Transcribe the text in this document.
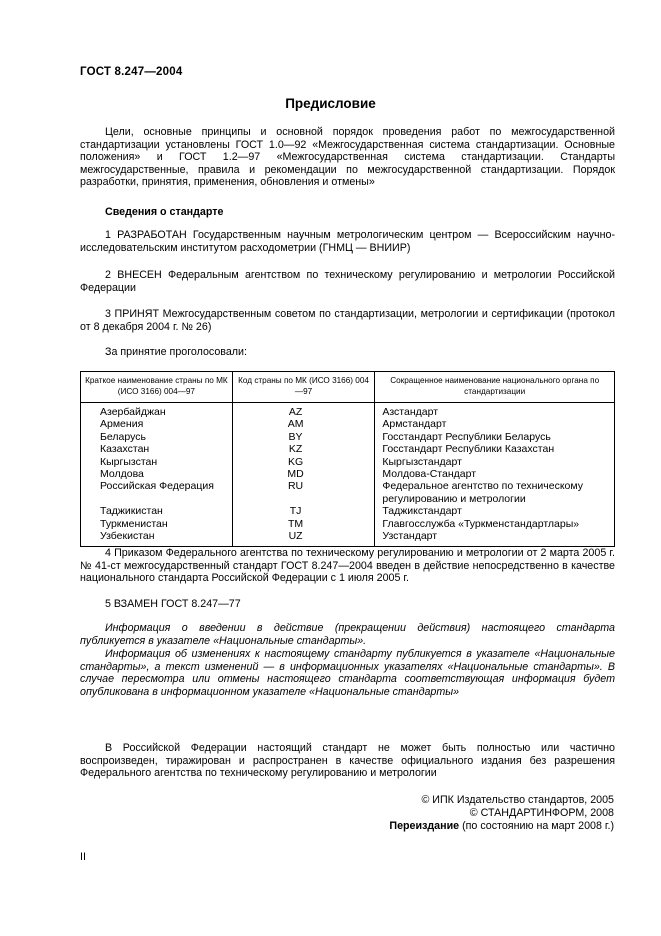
ГОСТ 8.247—2004
Предисловие
Цели, основные принципы и основной порядок проведения работ по межгосударственной стандартизации установлены ГОСТ 1.0—92 «Межгосударственная система стандартизации. Основные положения» и ГОСТ 1.2—97 «Межгосударственная система стандартизации. Стандарты межгосударственные, правила и рекомендации по межгосударственной стандартизации. Порядок разработки, принятия, применения, обновления и отмены»
Сведения о стандарте
1 РАЗРАБОТАН Государственным научным метрологическим центром — Всероссийским научно-исследовательским институтом расходометрии (ГНМЦ — ВНИИР)
2 ВНЕСЕН Федеральным агентством по техническому регулированию и метрологии Российской Федерации
3 ПРИНЯТ Межгосударственным советом по стандартизации, метрологии и сертификации (протокол от 8 декабря 2004 г. № 26)
За принятие проголосовали:
Краткое наименование страны по МК (ИСО 3166) 004—97	Код страны по МК (ИСО 3166) 004—97	Сокращенное наименование национального органа по стандартизации
Азербайджан	AZ	Азстандарт
Армения	AM	Армстандарт
Беларусь	BY	Госстандарт Республики Беларусь
Казахстан	KZ	Госстандарт Республики Казахстан
Кыргызстан	KG	Кыргызстандарт
Молдова	MD	Молдова-Стандарт
Российская Федерация	RU	Федеральное агентство по техническому регулированию и метрологии
Таджикистан	TJ	Таджикстандарт
Туркменистан	TM	Главгосслужба «Туркменстандартлары»
Узбекистан	UZ	Узстандарт
4 Приказом Федерального агентства по техническому регулированию и метрологии от 2 марта 2005 г. № 41-ст межгосударственный стандарт ГОСТ 8.247—2004 введен в действие непосредственно в качестве национального стандарта Российской Федерации с 1 июля 2005 г.
5 ВЗАМЕН ГОСТ 8.247—77
Информация о введении в действие (прекращении действия) настоящего стандарта публикуется в указателе «Национальные стандарты».
Информация об изменениях к настоящему стандарту публикуется в указателе «Национальные стандарты», а текст изменений — в информационных указателях «Национальные стандарты». В случае пересмотра или отмены настоящего стандарта соответствующая информация будет опубликована в информационном указателе «Национальные стандарты»
В Российской Федерации настоящий стандарт не может быть полностью или частично воспроизведен, тиражирован и распространен в качестве официального издания без разрешения Федерального агентства по техническому регулированию и метрологии
© ИПК Издательство стандартов, 2005
© СТАНДАРТИНФОРМ, 2008
Переиздание (по состоянию на март 2008 г.)
II
